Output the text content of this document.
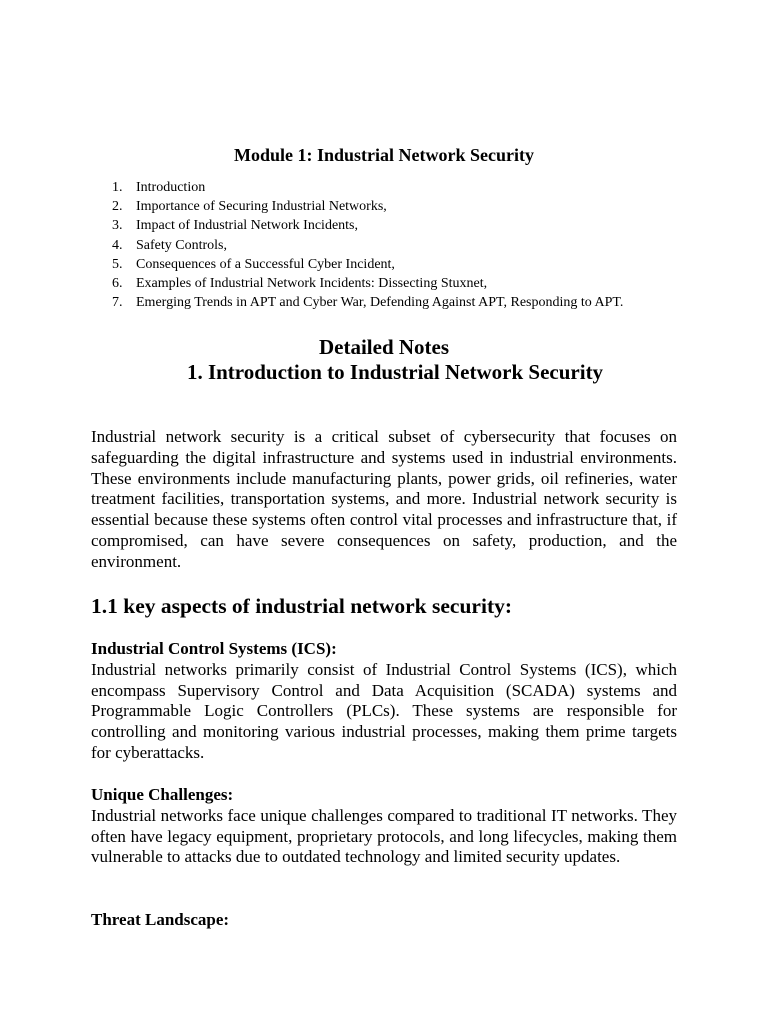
Module 1: Industrial Network Security
1. Introduction
2. Importance of Securing Industrial Networks,
3. Impact of Industrial Network Incidents,
4. Safety Controls,
5. Consequences of a Successful Cyber Incident,
6. Examples of Industrial Network Incidents: Dissecting Stuxnet,
7. Emerging Trends in APT and Cyber War, Defending Against APT, Responding to APT.
Detailed Notes
1. Introduction to Industrial Network Security

Industrial network security is a critical subset of cybersecurity that focuses on safeguarding the digital infrastructure and systems used in industrial environments. These environments include manufacturing plants, power grids, oil refineries, water treatment facilities, transportation systems, and more. Industrial network security is essential because these systems often control vital processes and infrastructure that, if compromised, can have severe consequences on safety, production, and the environment.

1.1 key aspects of industrial network security:

Industrial Control Systems (ICS):

Industrial networks primarily consist of Industrial Control Systems (ICS), which encompass Supervisory Control and Data Acquisition (SCADA) systems and Programmable Logic Controllers (PLCs). These systems are responsible for controlling and monitoring various industrial processes, making them prime targets for cyberattacks.

Unique Challenges:

Industrial networks face unique challenges compared to traditional IT networks. They often have legacy equipment, proprietary protocols, and long lifecycles, making them vulnerable to attacks due to outdated technology and limited security updates.

Threat Landscape:
